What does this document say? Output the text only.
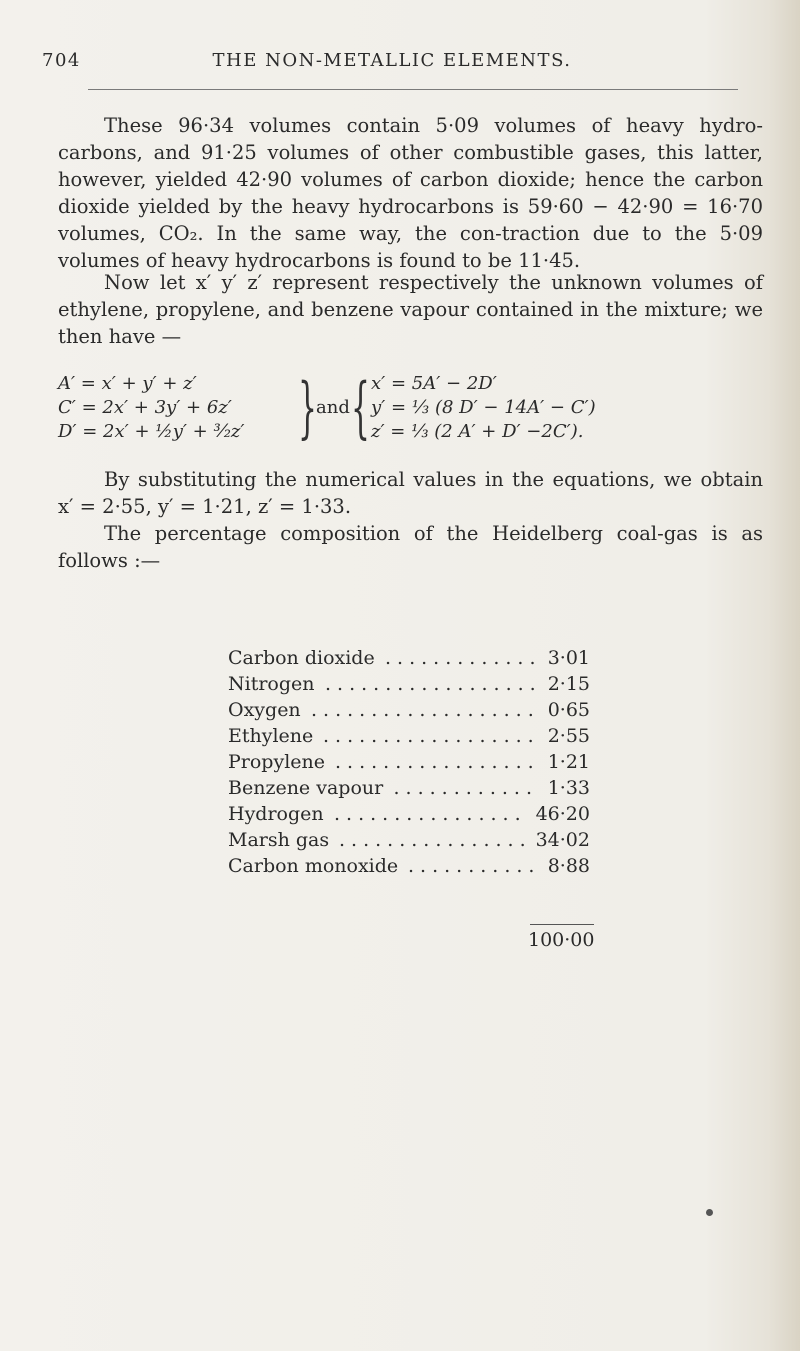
704	THE NON-METALLIC ELEMENTS.

These 96·34 volumes contain 5·09 volumes of heavy hydro-carbons, and 91·25 volumes of other combustible gases, this latter, however, yielded 42·90 volumes of carbon dioxide; hence the carbon dioxide yielded by the heavy hydrocarbons is 59·60 − 42·90 = 16·70 volumes, CO₂. In the same way, the con-traction due to the 5·09 volumes of heavy hydrocarbons is found to be 11·45.

Now let x′ y′ z′ represent respectively the unknown volumes of ethylene, propylene, and benzene vapour contained in the mixture; we then have —

A′ = x′ + y′ + z′
C′ = 2x′ + 3y′ + 6z′
D′ = 2x′ + ½y′ + ³⁄₂z′ } and { x′ = 5A′ − 2D′
y′ = ⅓ (8 D′ − 14A′ − C′)
z′ = ⅓ (2 A′ + D′ −2C′).

By substituting the numerical values in the equations, we obtain x′ = 2·55, y′ = 1·21, z′ = 1·33.

The percentage composition of the Heidelberg coal-gas is as follows :—

Carbon dioxide ............. 3·01
Nitrogen .................. 2·15
Oxygen ................... 0·65
Ethylene .................. 2·55
Propylene ................. 1·21
Benzene vapour ............ 1·33
Hydrogen ................ 46·20
Marsh gas ................ 34·02
Carbon monoxide ........... 8·88
100·00
